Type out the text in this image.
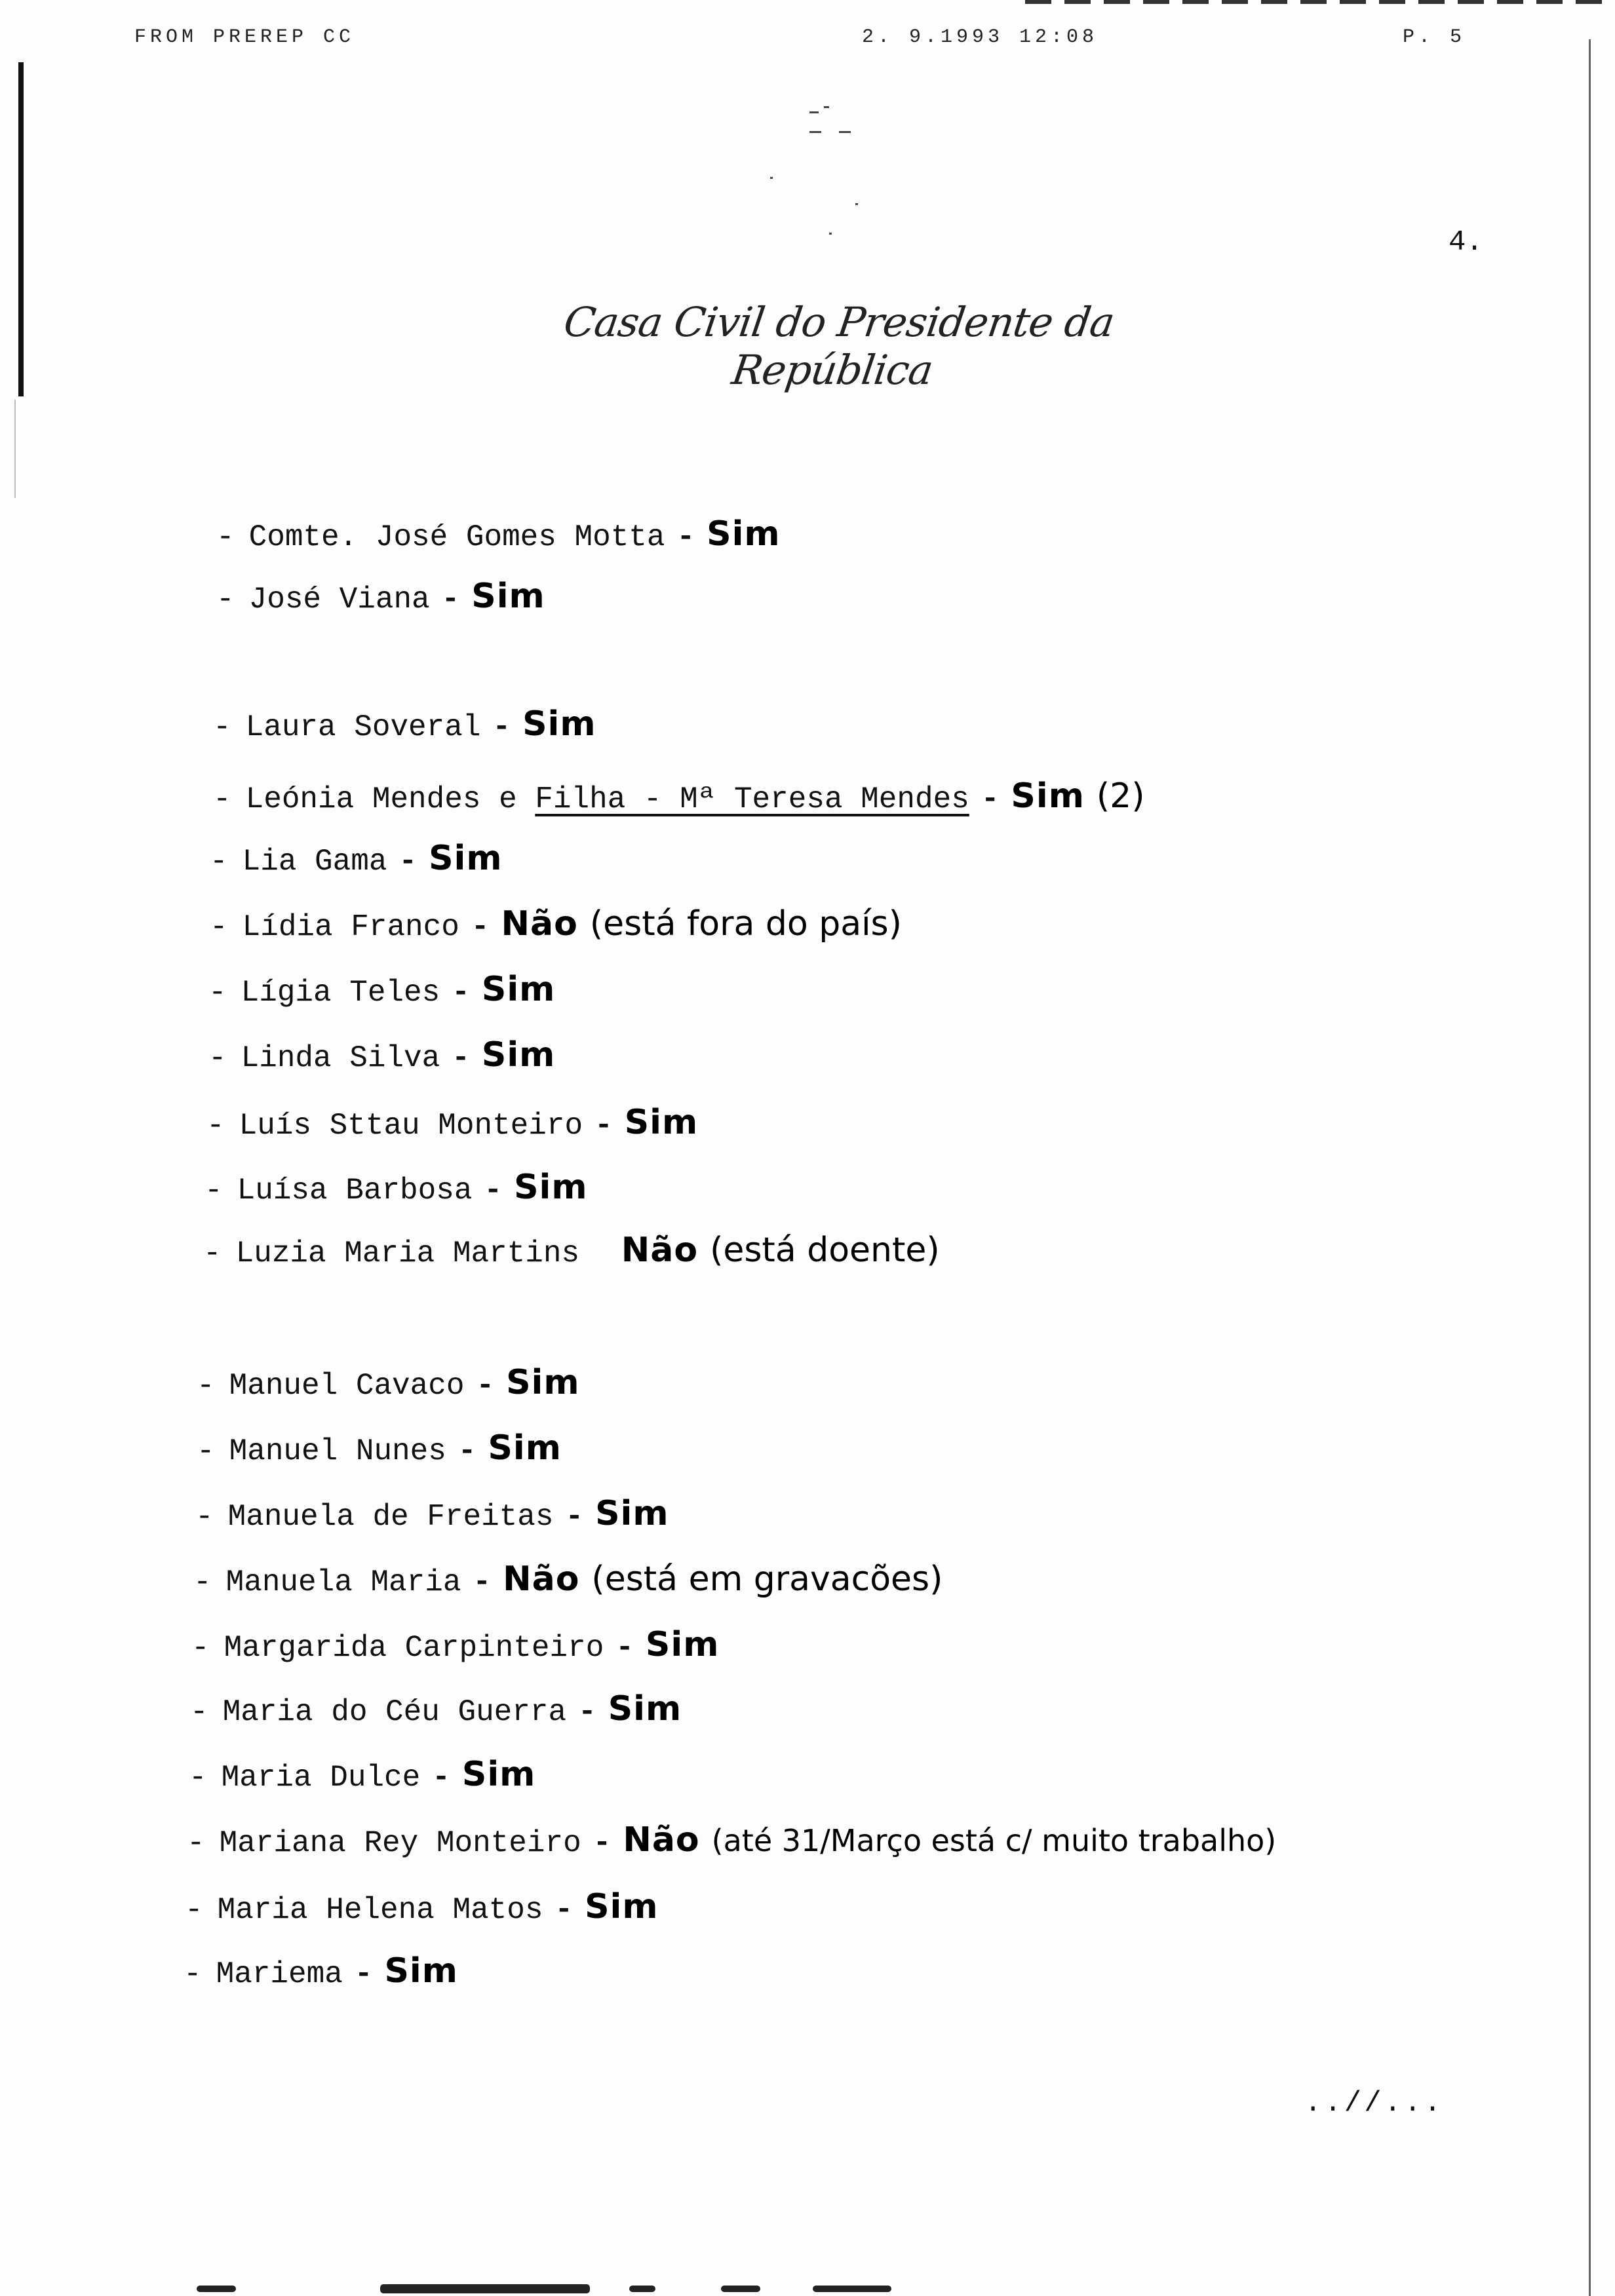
FROM PREREP CC	2. 9.1993 12:08	P. 5
4.
Casa Civil do Presidente da República
- Comte. José Gomes Motta - Sim
- José Viana - Sim
- Laura Soveral - Sim
- Leónia Mendes e Filha - Mª Teresa Mendes - Sim (2)
- Lia Gama - Sim
- Lídia Franco - Não (está fora do país)
- Lígia Teles - Sim
- Linda Silva - Sim
- Luís Sttau Monteiro - Sim
- Luísa Barbosa - Sim
- Luzia Maria Martins Não (está doente)
- Manuel Cavaco - Sim
- Manuel Nunes - Sim
- Manuela de Freitas - Sim
- Manuela Maria - Não (está em gravacões)
- Margarida Carpinteiro - Sim
- Maria do Céu Guerra - Sim
- Maria Dulce - Sim
- Mariana Rey Monteiro - Não (até 31/Março está c/ muito trabalho)
- Maria Helena Matos - Sim
- Mariema - Sim
..//...
